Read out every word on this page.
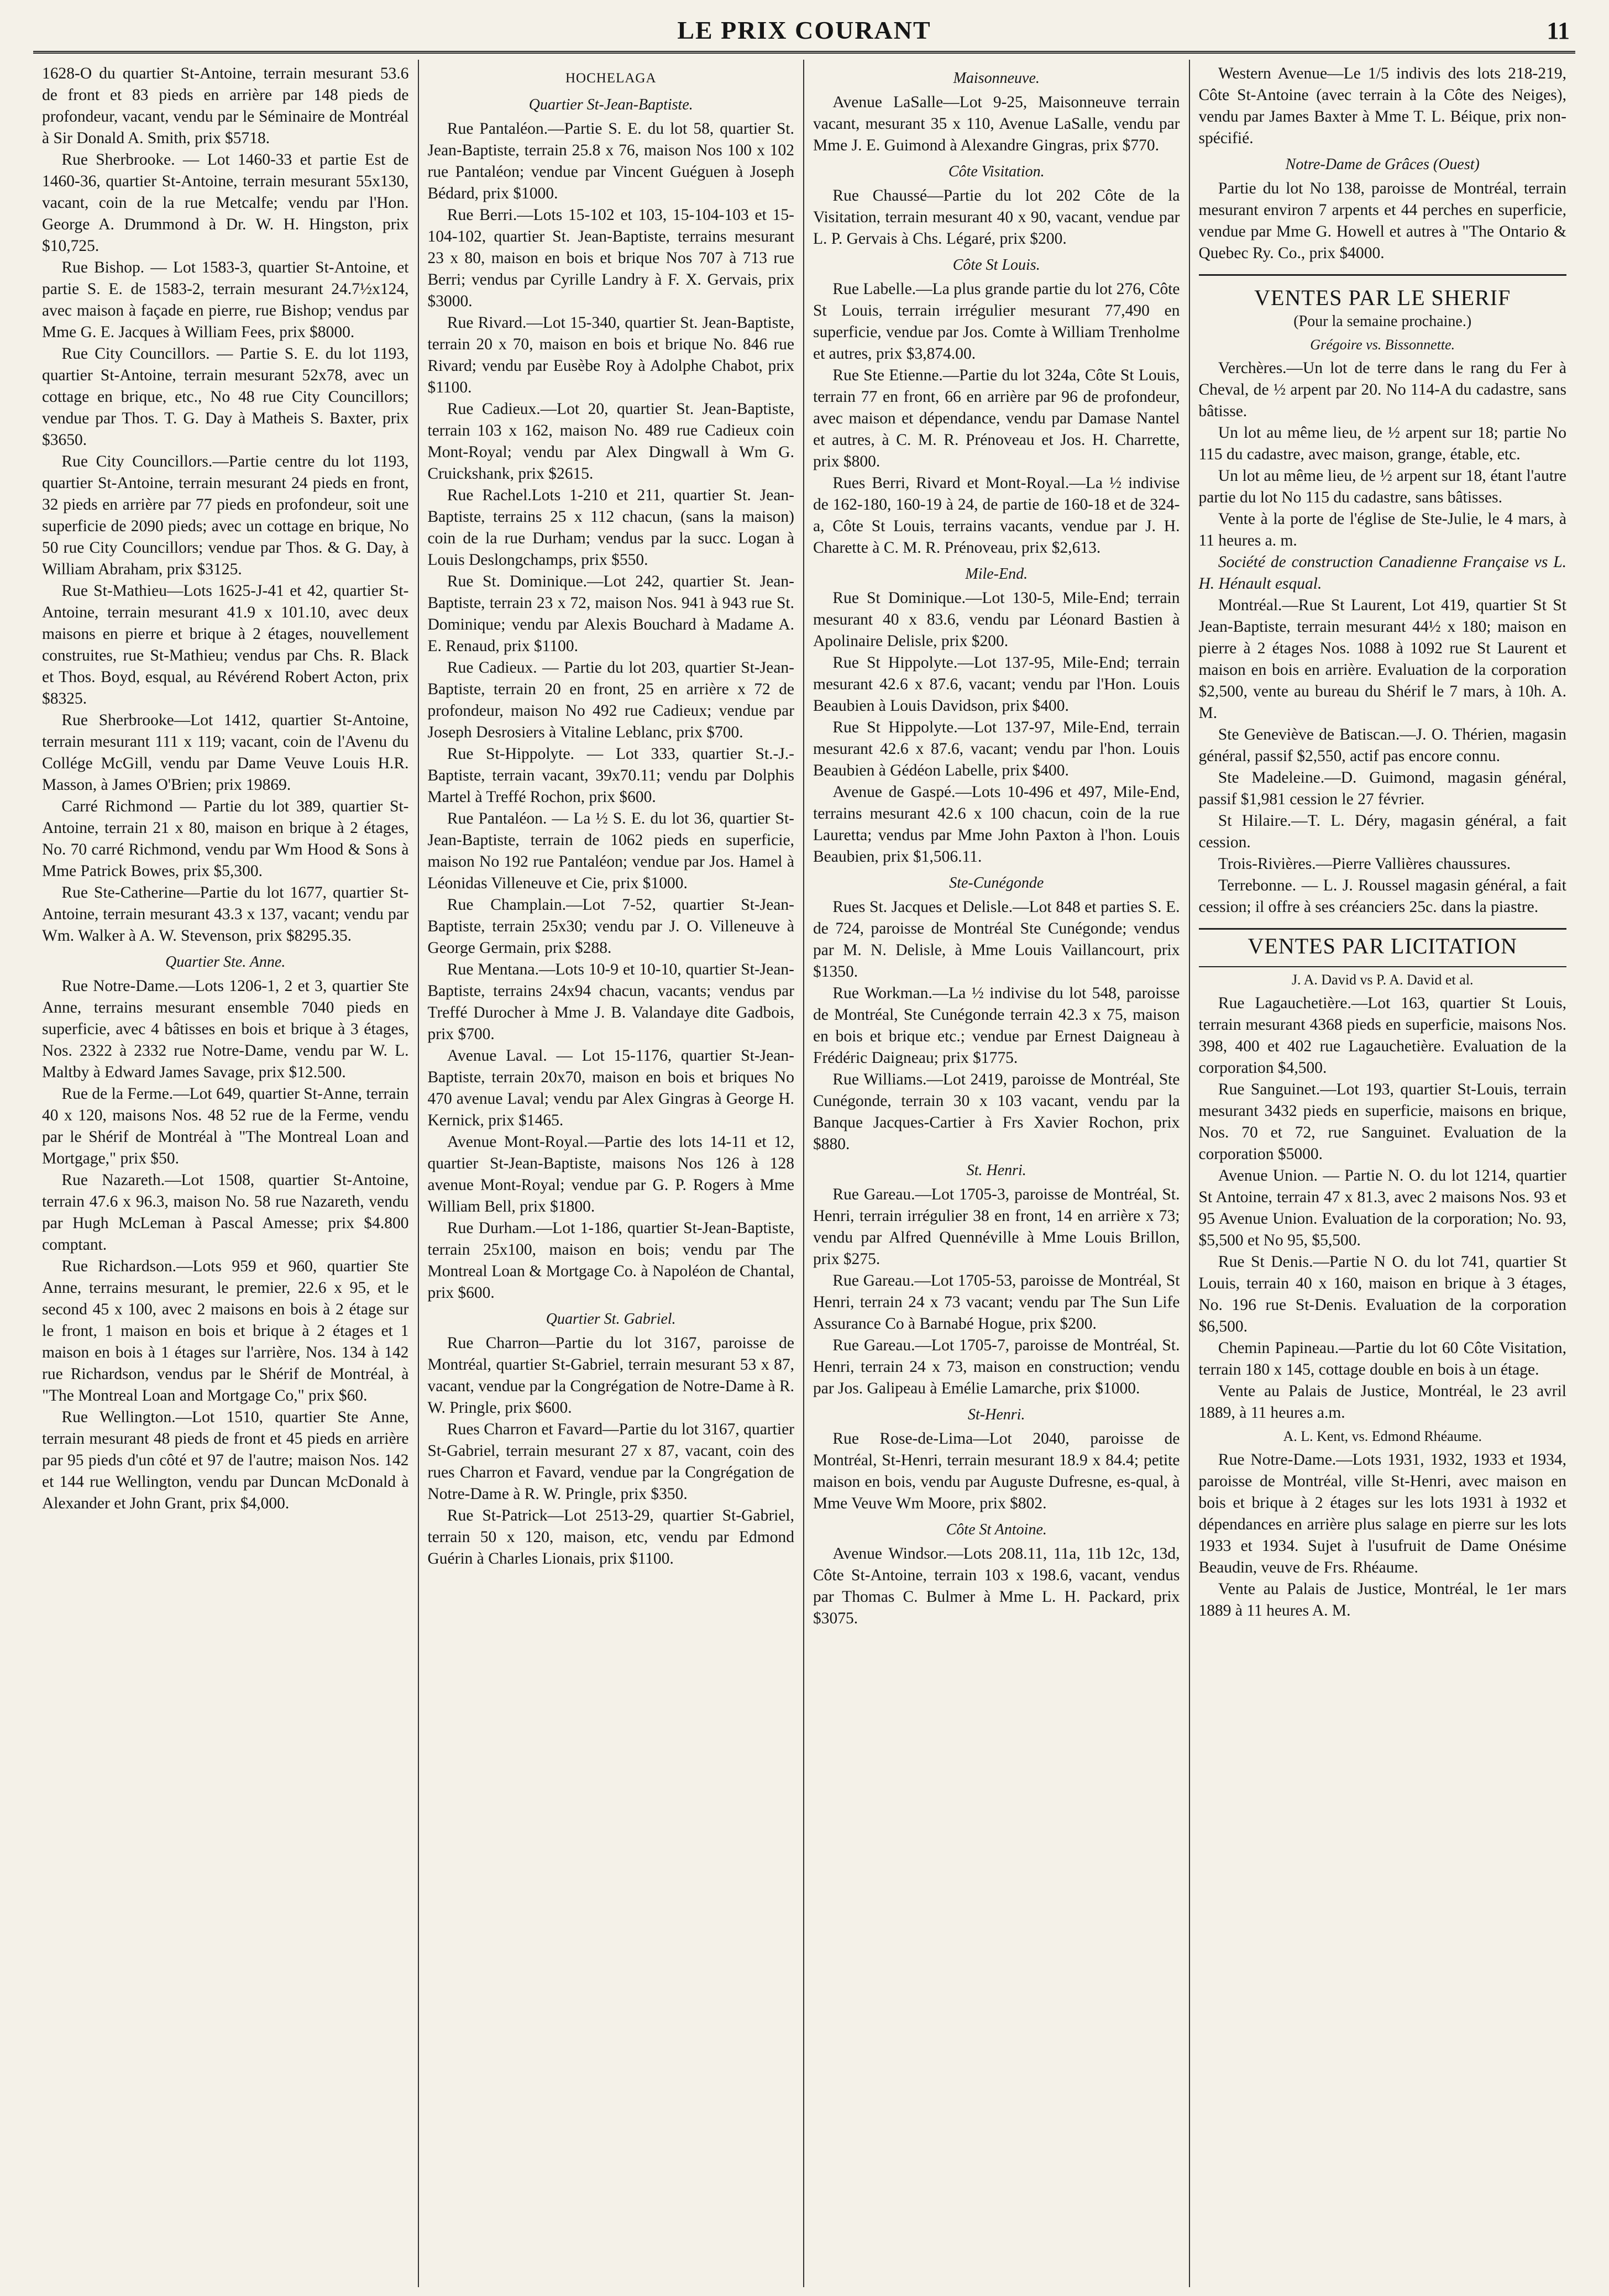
LE PRIX COURANT	11

1628-O du quartier St-Antoine, terrain mesurant 53.6 de front et 83 pieds en arrière par 148 pieds de profondeur, vacant, vendu par le Séminaire de Montréal à Sir Donald A. Smith, prix $5718.

Rue Sherbrooke. — Lot 1460-33 et partie Est de 1460-36, quartier St-Antoine, terrain mesurant 55x130, vacant, coin de la rue Metcalfe; vendu par l'Hon. George A. Drummond à Dr. W. H. Hingston, prix $10,725.

Rue Bishop. — Lot 1583-3, quartier St-Antoine, et partie S. E. de 1583-2, terrain mesurant 24.7½x124, avec maison à façade en pierre, rue Bishop; vendus par Mme G. E. Jacques à William Fees, prix $8000.

Rue City Councillors. — Partie S. E. du lot 1193, quartier St-Antoine, terrain mesurant 52x78, avec un cottage en brique, etc., No 48 rue City Councillors; vendue par Thos. T. G. Day à Matheis S. Baxter, prix $3650.

Rue City Councillors.—Partie centre du lot 1193, quartier St-Antoine, terrain mesurant 24 pieds en front, 32 pieds en arrière par 77 pieds en profondeur, soit une superficie de 2090 pieds; avec un cottage en brique, No 50 rue City Councillors; vendue par Thos. & G. Day, à William Abraham, prix $3125.

Rue St-Mathieu—Lots 1625-J-41 et 42, quartier St-Antoine, terrain mesurant 41.9 x 101.10, avec deux maisons en pierre et brique à 2 étages, nouvellement construites, rue St-Mathieu; vendus par Chs. R. Black et Thos. Boyd, esqual, au Révérend Robert Acton, prix $8325.

Rue Sherbrooke—Lot 1412, quartier St-Antoine, terrain mesurant 111 x 119; vacant, coin de l'Avenu du Collége McGill, vendu par Dame Veuve Louis H.R. Masson, à James O'Brien; prix 19869.

Carré Richmond — Partie du lot 389, quartier St-Antoine, terrain 21 x 80, maison en brique à 2 étages, No. 70 carré Richmond, vendu par Wm Hood & Sons à Mme Patrick Bowes, prix $5,300.

Rue Ste-Catherine—Partie du lot 1677, quartier St-Antoine, terrain mesurant 43.3 x 137, vacant; vendu par Wm. Walker à A. W. Stevenson, prix $8295.35.

Quartier Ste. Anne.

Rue Notre-Dame.—Lots 1206-1, 2 et 3, quartier Ste Anne, terrains mesurant ensemble 7040 pieds en superficie, avec 4 bâtisses en bois et brique à 3 étages, Nos. 2322 à 2332 rue Notre-Dame, vendu par W. L. Maltby à Edward James Savage, prix $12.500.

Rue de la Ferme.—Lot 649, quartier St-Anne, terrain 40 x 120, maisons Nos. 48 52 rue de la Ferme, vendu par le Shérif de Montréal à "The Montreal Loan and Mortgage," prix $50.

Rue Nazareth.—Lot 1508, quartier St-Antoine, terrain 47.6 x 96.3, maison No. 58 rue Nazareth, vendu par Hugh McLeman à Pascal Amesse; prix $4.800 comptant.

Rue Richardson.—Lots 959 et 960, quartier Ste Anne, terrains mesurant, le premier, 22.6 x 95, et le second 45 x 100, avec 2 maisons en bois à 2 étage sur le front, 1 maison en bois et brique à 2 étages et 1 maison en bois à 1 étages sur l'arrière, Nos. 134 à 142 rue Richardson, vendus par le Shérif de Montréal, à "The Montreal Loan and Mortgage Co," prix $60.

Rue Wellington.—Lot 1510, quartier Ste Anne, terrain mesurant 48 pieds de front et 45 pieds en arrière par 95 pieds d'un côté et 97 de l'autre; maison Nos. 142 et 144 rue Wellington, vendu par Duncan McDonald à Alexander et John Grant, prix $4,000.

HOCHELAGA
Quartier St-Jean-Baptiste.

Rue Pantaléon.—Partie S. E. du lot 58, quartier St. Jean-Baptiste, terrain 25.8 x 76, maison Nos 100 x 102 rue Pantaléon; vendue par Vincent Guéguen à Joseph Bédard, prix $1000.

Rue Berri.—Lots 15-102 et 103, 15-104-103 et 15-104-102, quartier St. Jean-Baptiste, terrains mesurant 23 x 80, maison en bois et brique Nos 707 à 713 rue Berri; vendus par Cyrille Landry à F. X. Gervais, prix $3000.

Rue Rivard.—Lot 15-340, quartier St. Jean-Baptiste, terrain 20 x 70, maison en bois et brique No. 846 rue Rivard; vendu par Eusèbe Roy à Adolphe Chabot, prix $1100.

Rue Cadieux.—Lot 20, quartier St. Jean-Baptiste, terrain 103 x 162, maison No. 489 rue Cadieux coin Mont-Royal; vendu par Alex Dingwall à Wm G. Cruickshank, prix $2615.

Rue Rachel.Lots 1-210 et 211, quartier St. Jean-Baptiste, terrains 25 x 112 chacun, (sans la maison) coin de la rue Durham; vendus par la succ. Logan à Louis Deslongchamps, prix $550.

Rue St. Dominique.—Lot 242, quartier St. Jean-Baptiste, terrain 23 x 72, maison Nos. 941 à 943 rue St. Dominique; vendu par Alexis Bouchard à Madame A. E. Renaud, prix $1100.

Rue Cadieux. — Partie du lot 203, quartier St-Jean-Baptiste, terrain 20 en front, 25 en arrière x 72 de profondeur, maison No 492 rue Cadieux; vendue par Joseph Desrosiers à Vitaline Leblanc, prix $700.

Rue St-Hippolyte. — Lot 333, quartier St.-J.-Baptiste, terrain vacant, 39x70.11; vendu par Dolphis Martel à Treffé Rochon, prix $600.

Rue Pantaléon. — La ½ S. E. du lot 36, quartier St-Jean-Baptiste, terrain de 1062 pieds en superficie, maison No 192 rue Pantaléon; vendue par Jos. Hamel à Léonidas Villeneuve et Cie, prix $1000.

Rue Champlain.—Lot 7-52, quartier St-Jean-Baptiste, terrain 25x30; vendu par J. O. Villeneuve à George Germain, prix $288.

Rue Mentana.—Lots 10-9 et 10-10, quartier St-Jean-Baptiste, terrains 24x94 chacun, vacants; vendus par Treffé Durocher à Mme J. B. Valandaye dite Gadbois, prix $700.

Avenue Laval. — Lot 15-1176, quartier St-Jean-Baptiste, terrain 20x70, maison en bois et briques No 470 avenue Laval; vendu par Alex Gingras à George H. Kernick, prix $1465.

Avenue Mont-Royal.—Partie des lots 14-11 et 12, quartier St-Jean-Baptiste, maisons Nos 126 à 128 avenue Mont-Royal; vendue par G. P. Rogers à Mme William Bell, prix $1800.

Rue Durham.—Lot 1-186, quartier St-Jean-Baptiste, terrain 25x100, maison en bois; vendu par The Montreal Loan & Mortgage Co. à Napoléon de Chantal, prix $600.

Quartier St. Gabriel.

Rue Charron—Partie du lot 3167, paroisse de Montréal, quartier St-Gabriel, terrain mesurant 53 x 87, vacant, vendue par la Congrégation de Notre-Dame à R. W. Pringle, prix $600.

Rues Charron et Favard—Partie du lot 3167, quartier St-Gabriel, terrain mesurant 27 x 87, vacant, coin des rues Charron et Favard, vendue par la Congrégation de Notre-Dame à R. W. Pringle, prix $350.

Rue St-Patrick—Lot 2513-29, quartier St-Gabriel, terrain 50 x 120, maison, etc, vendu par Edmond Guérin à Charles Lionais, prix $1100.

Maisonneuve.

Avenue LaSalle—Lot 9-25, Maisonneuve terrain vacant, mesurant 35 x 110, Avenue LaSalle, vendu par Mme J. E. Guimond à Alexandre Gingras, prix $770.

Côte Visitation.

Rue Chaussé—Partie du lot 202 Côte de la Visitation, terrain mesurant 40 x 90, vacant, vendue par L. P. Gervais à Chs. Légaré, prix $200.

Côte St Louis.

Rue Labelle.—La plus grande partie du lot 276, Côte St Louis, terrain irrégulier mesurant 77,490 en superficie, vendue par Jos. Comte à William Trenholme et autres, prix $3,874.00.

Rue Ste Etienne.—Partie du lot 324a, Côte St Louis, terrain 77 en front, 66 en arrière par 96 de profondeur, avec maison et dépendance, vendu par Damase Nantel et autres, à C. M. R. Prénoveau et Jos. H. Charrette, prix $800.

Rues Berri, Rivard et Mont-Royal.—La ½ indivise de 162-180, 160-19 à 24, de partie de 160-18 et de 324-a, Côte St Louis, terrains vacants, vendue par J. H. Charette à C. M. R. Prénoveau, prix $2,613.

Mile-End.

Rue St Dominique.—Lot 130-5, Mile-End; terrain mesurant 40 x 83.6, vendu par Léonard Bastien à Apolinaire Delisle, prix $200.

Rue St Hippolyte.—Lot 137-95, Mile-End; terrain mesurant 42.6 x 87.6, vacant; vendu par l'Hon. Louis Beaubien à Louis Davidson, prix $400.

Rue St Hippolyte.—Lot 137-97, Mile-End, terrain mesurant 42.6 x 87.6, vacant; vendu par l'hon. Louis Beaubien à Gédéon Labelle, prix $400.

Avenue de Gaspé.—Lots 10-496 et 497, Mile-End, terrains mesurant 42.6 x 100 chacun, coin de la rue Lauretta; vendus par Mme John Paxton à l'hon. Louis Beaubien, prix $1,506.11.

Ste-Cunégonde

Rues St. Jacques et Delisle.—Lot 848 et parties S. E. de 724, paroisse de Montréal Ste Cunégonde; vendus par M. N. Delisle, à Mme Louis Vaillancourt, prix $1350.

Rue Workman.—La ½ indivise du lot 548, paroisse de Montréal, Ste Cunégonde terrain 42.3 x 75, maison en bois et brique etc.; vendue par Ernest Daigneau à Frédéric Daigneau; prix $1775.

Rue Williams.—Lot 2419, paroisse de Montréal, Ste Cunégonde, terrain 30 x 103 vacant, vendu par la Banque Jacques-Cartier à Frs Xavier Rochon, prix $880.

St. Henri.

Rue Gareau.—Lot 1705-3, paroisse de Montréal, St. Henri, terrain irrégulier 38 en front, 14 en arrière x 73; vendu par Alfred Quennéville à Mme Louis Brillon, prix $275.

Rue Gareau.—Lot 1705-53, paroisse de Montréal, St Henri, terrain 24 x 73 vacant; vendu par The Sun Life Assurance Co à Barnabé Hogue, prix $200.

Rue Gareau.—Lot 1705-7, paroisse de Montréal, St. Henri, terrain 24 x 73, maison en construction; vendu par Jos. Galipeau à Emélie Lamarche, prix $1000.

St-Henri.

Rue Rose-de-Lima—Lot 2040, paroisse de Montréal, St-Henri, terrain mesurant 18.9 x 84.4; petite maison en bois, vendu par Auguste Dufresne, es-qual, à Mme Veuve Wm Moore, prix $802.

Côte St Antoine.

Avenue Windsor.—Lots 208.11, 11a, 11b 12c, 13d, Côte St-Antoine, terrain 103 x 198.6, vacant, vendus par Thomas C. Bulmer à Mme L. H. Packard, prix $3075.

Western Avenue—Le 1/5 indivis des lots 218-219, Côte St-Antoine (avec terrain à la Côte des Neiges), vendu par James Baxter à Mme T. L. Béique, prix non-spécifié.

Notre-Dame de Grâces (Ouest)

Partie du lot No 138, paroisse de Montréal, terrain mesurant environ 7 arpents et 44 perches en superficie, vendue par Mme G. Howell et autres à "The Ontario & Quebec Ry. Co., prix $4000.

VENTES PAR LE SHERIF
(Pour la semaine prochaine.)
Grégoire vs. Bissonnette.

Verchères.—Un lot de terre dans le rang du Fer à Cheval, de ½ arpent par 20. No 114-A du cadastre, sans bâtisse.

Un lot au même lieu, de ½ arpent sur 18; partie No 115 du cadastre, avec maison, grange, étable, etc.

Un lot au même lieu, de ½ arpent sur 18, étant l'autre partie du lot No 115 du cadastre, sans bâtisses.

Vente à la porte de l'église de Ste-Julie, le 4 mars, à 11 heures a. m.

Société de construction Canadienne Française vs L. H. Hénault esqual.

Montréal.—Rue St Laurent, Lot 419, quartier St St Jean-Baptiste, terrain mesurant 44½ x 180; maison en pierre à 2 étages Nos. 1088 à 1092 rue St Laurent et maison en bois en arrière. Evaluation de la corporation $2,500, vente au bureau du Shérif le 7 mars, à 10h. A. M.

Ste Geneviève de Batiscan.—J. O. Thérien, magasin général, passif $2,550, actif pas encore connu.

Ste Madeleine.—D. Guimond, magasin général, passif $1,981 cession le 27 février.

St Hilaire.—T. L. Déry, magasin général, a fait cession.

Trois-Rivières.—Pierre Vallières chaussures.

Terrebonne. — L. J. Roussel magasin général, a fait cession; il offre à ses créanciers 25c. dans la piastre.

VENTES PAR LICITATION
J. A. David vs P. A. David et al.

Rue Lagauchetière.—Lot 163, quartier St Louis, terrain mesurant 4368 pieds en superficie, maisons Nos. 398, 400 et 402 rue Lagauchetière. Evaluation de la corporation $4,500.

Rue Sanguinet.—Lot 193, quartier St-Louis, terrain mesurant 3432 pieds en superficie, maisons en brique, Nos. 70 et 72, rue Sanguinet. Evaluation de la corporation $5000.

Avenue Union. — Partie N. O. du lot 1214, quartier St Antoine, terrain 47 x 81.3, avec 2 maisons Nos. 93 et 95 Avenue Union. Evaluation de la corporation; No. 93, $5,500 et No 95, $5,500.

Rue St Denis.—Partie N O. du lot 741, quartier St Louis, terrain 40 x 160, maison en brique à 3 étages, No. 196 rue St-Denis. Evaluation de la corporation $6,500.

Chemin Papineau.—Partie du lot 60 Côte Visitation, terrain 180 x 145, cottage double en bois à un étage.

Vente au Palais de Justice, Montréal, le 23 avril 1889, à 11 heures a.m.

A. L. Kent, vs. Edmond Rhéaume.

Rue Notre-Dame.—Lots 1931, 1932, 1933 et 1934, paroisse de Montréal, ville St-Henri, avec maison en bois et brique à 2 étages sur les lots 1931 à 1932 et dépendances en arrière plus salage en pierre sur les lots 1933 et 1934. Sujet à l'usufruit de Dame Onésime Beaudin, veuve de Frs. Rhéaume.

Vente au Palais de Justice, Montréal, le 1er mars 1889 à 11 heures A. M.
